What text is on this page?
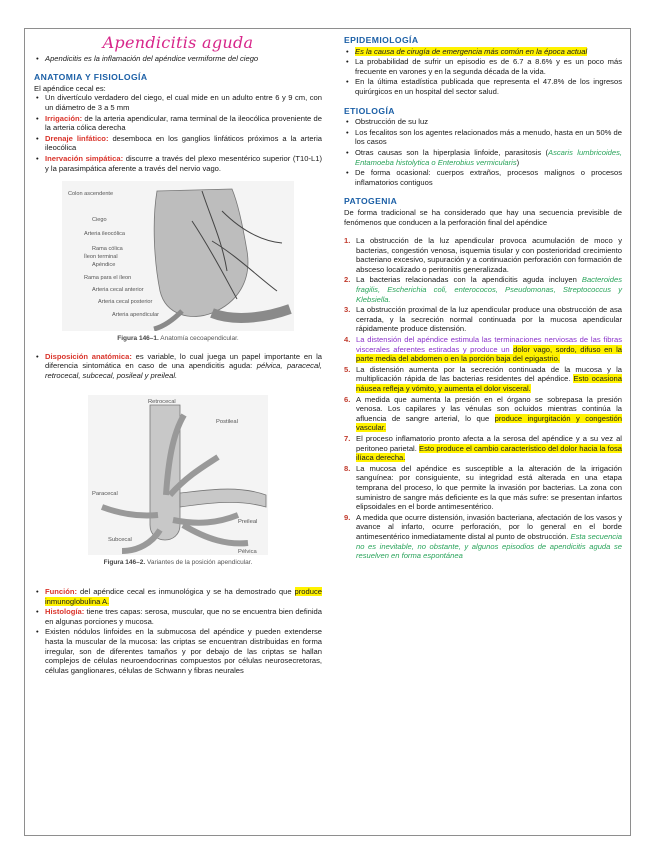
Apendicitis aguda
• Apendicitis es la inflamación del apéndice vermiforme del ciego
ANATOMIA Y FISIOLOGÍA

El apéndice cecal es:

• Un divertículo verdadero del ciego, el cual mide en un adulto entre 6 y 9 cm, con un diámetro de 3 a 5 mm
• Irrigación: de la arteria apendicular, rama terminal de la ileocólica proveniente de la arteria cólica derecha
• Drenaje linfático: desemboca en los ganglios linfáticos próximos a la arteria ileocólica
• Inervación simpática: discurre a través del plexo mesentérico superior (T10-L1) y la parasimpática aferente a través del nervio vago.
Colon ascendente
Ciego
Arteria ileocólica
Rama cólica
Íleon terminal
Apéndice
Rama para el íleon
Arteria cecal anterior
Arteria cecal posterior
Arteria apendicular
Figura 146–1. Anatomía cecoapendicular.
• Disposición anatómica: es variable, lo cual juega un papel importante en la diferencia sintomática en caso de una apendicitis aguda: pélvica, paracecal, retrocecal, subcecal, posileal y preileal.
Retrocecal
Postileal
Paracecal
Preileal
Subcecal
Pélvica
Figura 146–2. Variantes de la posición apendicular.
• Función: del apéndice cecal es inmunológica y se ha demostrado que produce inmunoglobulina A.
• Histología: tiene tres capas: serosa, muscular, que no se encuentra bien definida en algunas porciones y mucosa.
• Existen nódulos linfoides en la submucosa del apéndice y pueden extenderse hasta la muscular de la mucosa: las criptas se encuentran distribuidas en forma irregular, son de diferentes tamaños y por debajo de las criptas se hallan complejos de células neuroendocrinas compuestos por células neurosecretoras, células ganglionares, células de Schwann y fibras neurales
EPIDEMIOLOGÍA
• Es la causa de cirugía de emergencia más común en la época actual
• La probabilidad de sufrir un episodio es de 6.7 a 8.6% y es un poco más frecuente en varones y en la segunda década de la vida.
• En la última estadística publicada que representa el 47.8% de los ingresos quirúrgicos en un hospital del sector salud.
ETIOLOGÍA
• Obstrucción de su luz
• Los fecalitos son los agentes relacionados más a menudo, hasta en un 50% de los casos
• Otras causas son la hiperplasia linfoide, parasitosis (Ascaris lumbricoides, Entamoeba histolytica o Enterobius vermicularis)
• De forma ocasional: cuerpos extraños, procesos malignos o procesos inflamatorios contiguos
PATOGENIA

De forma tradicional se ha considerado que hay una secuencia previsible de fenómenos que conducen a la perforación final del apéndice

1. La obstrucción de la luz apendicular provoca acumulación de moco y bacterias, congestión venosa, isquemia tisular y con posterioridad crecimiento bacteriano excesivo, supuración y a continuación perforación con formación de absceso localizado o peritonitis generalizada.
2. La bacterias relacionadas con la apendicitis aguda incluyen Bacteroides fragilis, Escherichia coli, enterococos, Pseudomonas, Streptococcus y Klebsiella.
3. La obstrucción proximal de la luz apendicular produce una obstrucción de asa cerrada, y la secreción normal continuada por la mucosa apendicular rápidamente produce distensión.
4. La distensión del apéndice estimula las terminaciones nerviosas de las fibras viscerales aferentes estiradas y produce un dolor vago, sordo, difuso en la parte media del abdomen o en la porción baja del epigastrio.
5. La distensión aumenta por la secreción continuada de la mucosa y la multiplicación rápida de las bacterias residentes del apéndice. Esto ocasiona náusea refleja y vómito, y aumenta el dolor visceral.
6. A medida que aumenta la presión en el órgano se sobrepasa la presión venosa. Los capilares y las vénulas son ocluidos mientras continúa la afluencia de sangre arterial, lo que produce ingurgitación y congestión vascular.
7. El proceso inflamatorio pronto afecta a la serosa del apéndice y a su vez al peritoneo parietal. Esto produce el cambio característico del dolor hacia la fosa ilíaca derecha.
8. La mucosa del apéndice es susceptible a la alteración de la irrigación sanguínea: por consiguiente, su integridad está alterada en una etapa temprana del proceso, lo que permite la invasión por bacterias. La zona con suministro de sangre más deficiente es la que más sufre: se presentan infartos elipsoidales en el borde antimesentérico.
9. A medida que ocurre distensión, invasión bacteriana, afectación de los vasos y avance al infarto, ocurre perforación, por lo general en el borde antimesentérico inmediatamente distal al punto de obstrucción. Esta secuencia no es inevitable, no obstante, y algunos episodios de apendicitis aguda se resuelven en forma espontánea
